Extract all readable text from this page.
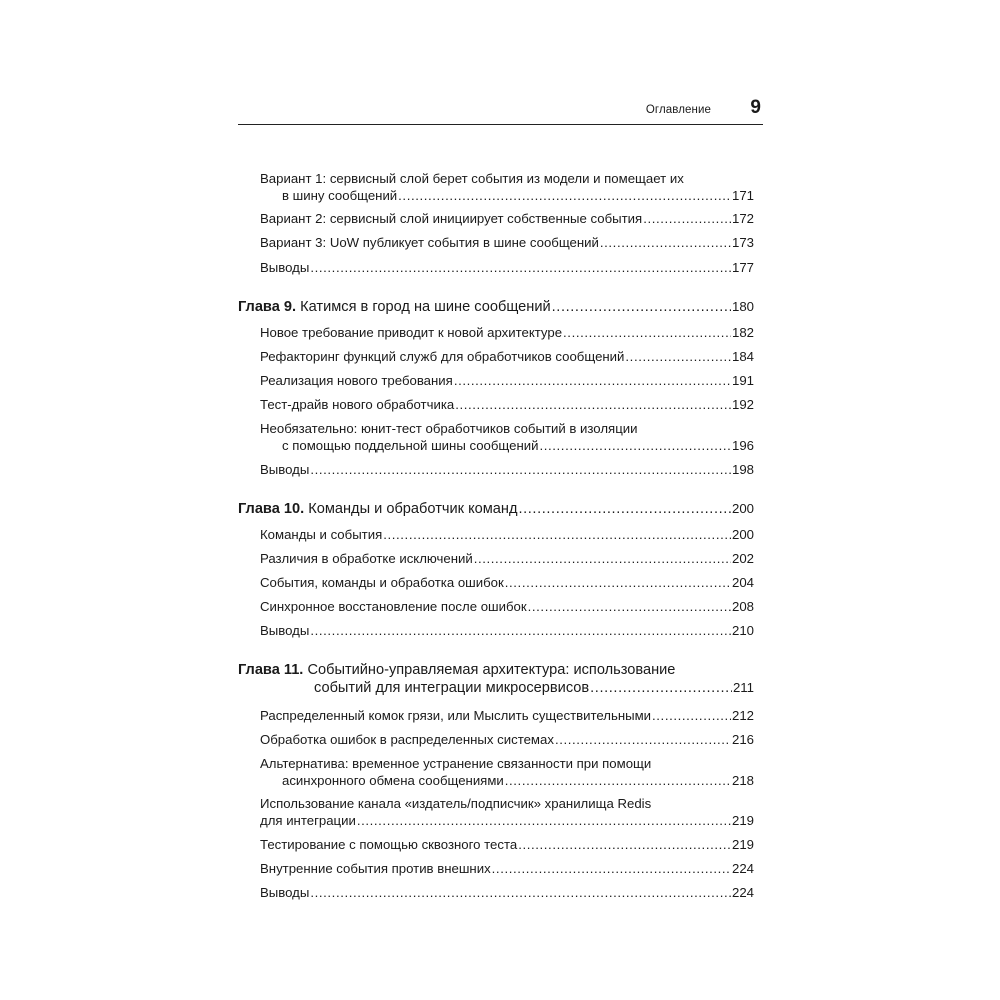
Оглавление 9
Вариант 1: сервисный слой берет события из модели и помещает их
в шину сообщений .....	171
Вариант 2: сервисный слой инициирует собственные события .....	172
Вариант 3: UoW публикует события в шине сообщений .....	173
Выводы .....	177
Глава 9. Катимся в город на шине сообщений .....	180
Новое требование приводит к новой архитектуре .....	182
Рефакторинг функций служб для обработчиков сообщений .....	184
Реализация нового требования .....	191
Тест-драйв нового обработчика .....	192
Необязательно: юнит-тест обработчиков событий в изоляции
с помощью поддельной шины сообщений .....	196
Выводы .....	198
Глава 10. Команды и обработчик команд .....	200
Команды и события .....	200
Различия в обработке исключений .....	202
События, команды и обработка ошибок .....	204
Синхронное восстановление после ошибок .....	208
Выводы .....	210
Глава 11. Событийно-управляемая архитектура: использование
событий для интеграции микросервисов .....	211
Распределенный комок грязи, или Мыслить существительными .....	212
Обработка ошибок в распределенных системах .....	216
Альтернатива: временное устранение связанности при помощи
асинхронного обмена сообщениями .....	218
Использование канала «издатель/подписчик» хранилища Redis
для интеграции .....	219
Тестирование с помощью сквозного теста .....	219
Внутренние события против внешних .....	224
Выводы .....	224
